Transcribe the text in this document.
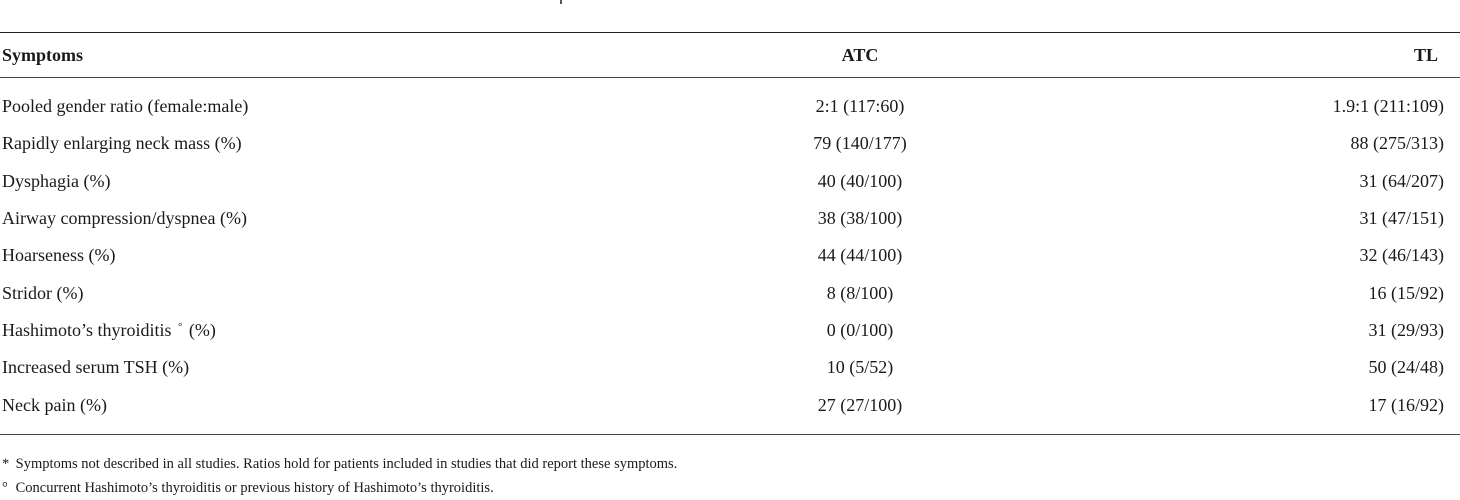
Symptoms	ATC	TL
Pooled gender ratio (female:male)	2:1 (117:60)	1.9:1 (211:109)
Rapidly enlarging neck mass (%)	79 (140/177)	88 (275/313)
Dysphagia (%)	40 (40/100)	31 (64/207)
Airway compression/dyspnea (%)	38 (38/100)	31 (47/151)
Hoarseness (%)	44 (44/100)	32 (46/143)
Stridor (%)	8 (8/100)	16 (15/92)
Hashimoto’s thyroiditis ° (%)	0 (0/100)	31 (29/93)
Increased serum TSH (%)	10 (5/52)	50 (24/48)
Neck pain (%)	27 (27/100)	17 (16/92)
* Symptoms not described in all studies. Ratios hold for patients included in studies that did report these symptoms.
° Concurrent Hashimoto’s thyroiditis or previous history of Hashimoto’s thyroiditis.
